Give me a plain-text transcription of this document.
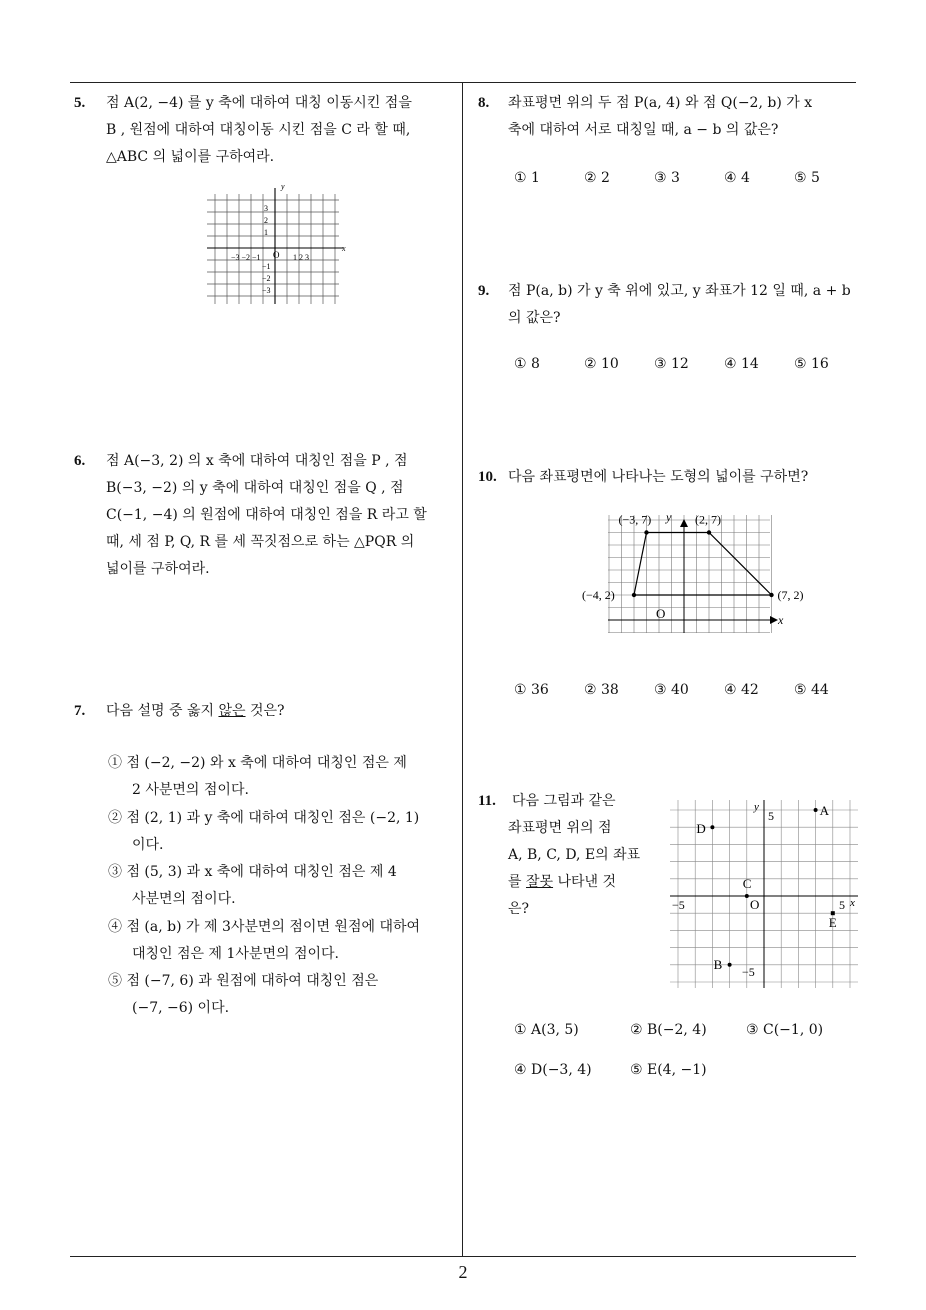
5. 점 A(2, −4) 를 y 축에 대하여 대칭 이동시킨 점을
B , 원점에 대하여 대칭이동 시킨 점을 C 라 할 때,
△ABC 의 넓이를 구하여라.
x
y
O
−3 −2 −1	1 2 3
3
2
1
−1
−2
−3
6. 점 A(−3, 2) 의 x 축에 대하여 대칭인 점을 P , 점
B(−3, −2) 의 y 축에 대하여 대칭인 점을 Q , 점
C(−1, −4) 의 원점에 대하여 대칭인 점을 R 라고 할
때, 세 점 P, Q, R 를 세 꼭짓점으로 하는 △PQR 의
넓이를 구하여라.
7. 다음 설명 중 옳지 않은 것은?
① 점 (−2, −2) 와 x 축에 대하여 대칭인 점은 제
2 사분면의 점이다.
② 점 (2, 1) 과 y 축에 대하여 대칭인 점은 (−2, 1)
이다.
③ 점 (5, 3) 과 x 축에 대하여 대칭인 점은 제 4
사분면의 점이다.
④ 점 (a, b) 가 제 3사분면의 점이면 원점에 대하여
대칭인 점은 제 1사분면의 점이다.
⑤ 점 (−7, 6) 과 원점에 대하여 대칭인 점은
(−7, −6) 이다.
8. 좌표평면 위의 두 점 P(a, 4) 와 점 Q(−2, b) 가 x
축에 대하여 서로 대칭일 때, a − b 의 값은?
① 1	② 2	③ 3	④ 4	⑤ 5
9. 점 P(a, b) 가 y 축 위에 있고, y 좌표가 12 일 때, a + b
의 값은?
① 8	② 10	③ 12	④ 14	⑤ 16
10. 다음 좌표평면에 나타나는 도형의 넓이를 구하면?
x
y
O
(−3, 7)	(2, 7)
(7, 2)
(−4, 2)
① 36	② 38	③ 40	④ 42	⑤ 44
11. 다음 그림과 같은
좌표평면 위의 점
A, B, C, D, E의 좌표
를 잘못 나타낸 것
은?	x
y
O	5
−5
5
−5
A
B
C
D
E
① A(3, 5)	② B(−2, 4)	③ C(−1, 0)
④ D(−3, 4)	⑤ E(4, −1)
2
